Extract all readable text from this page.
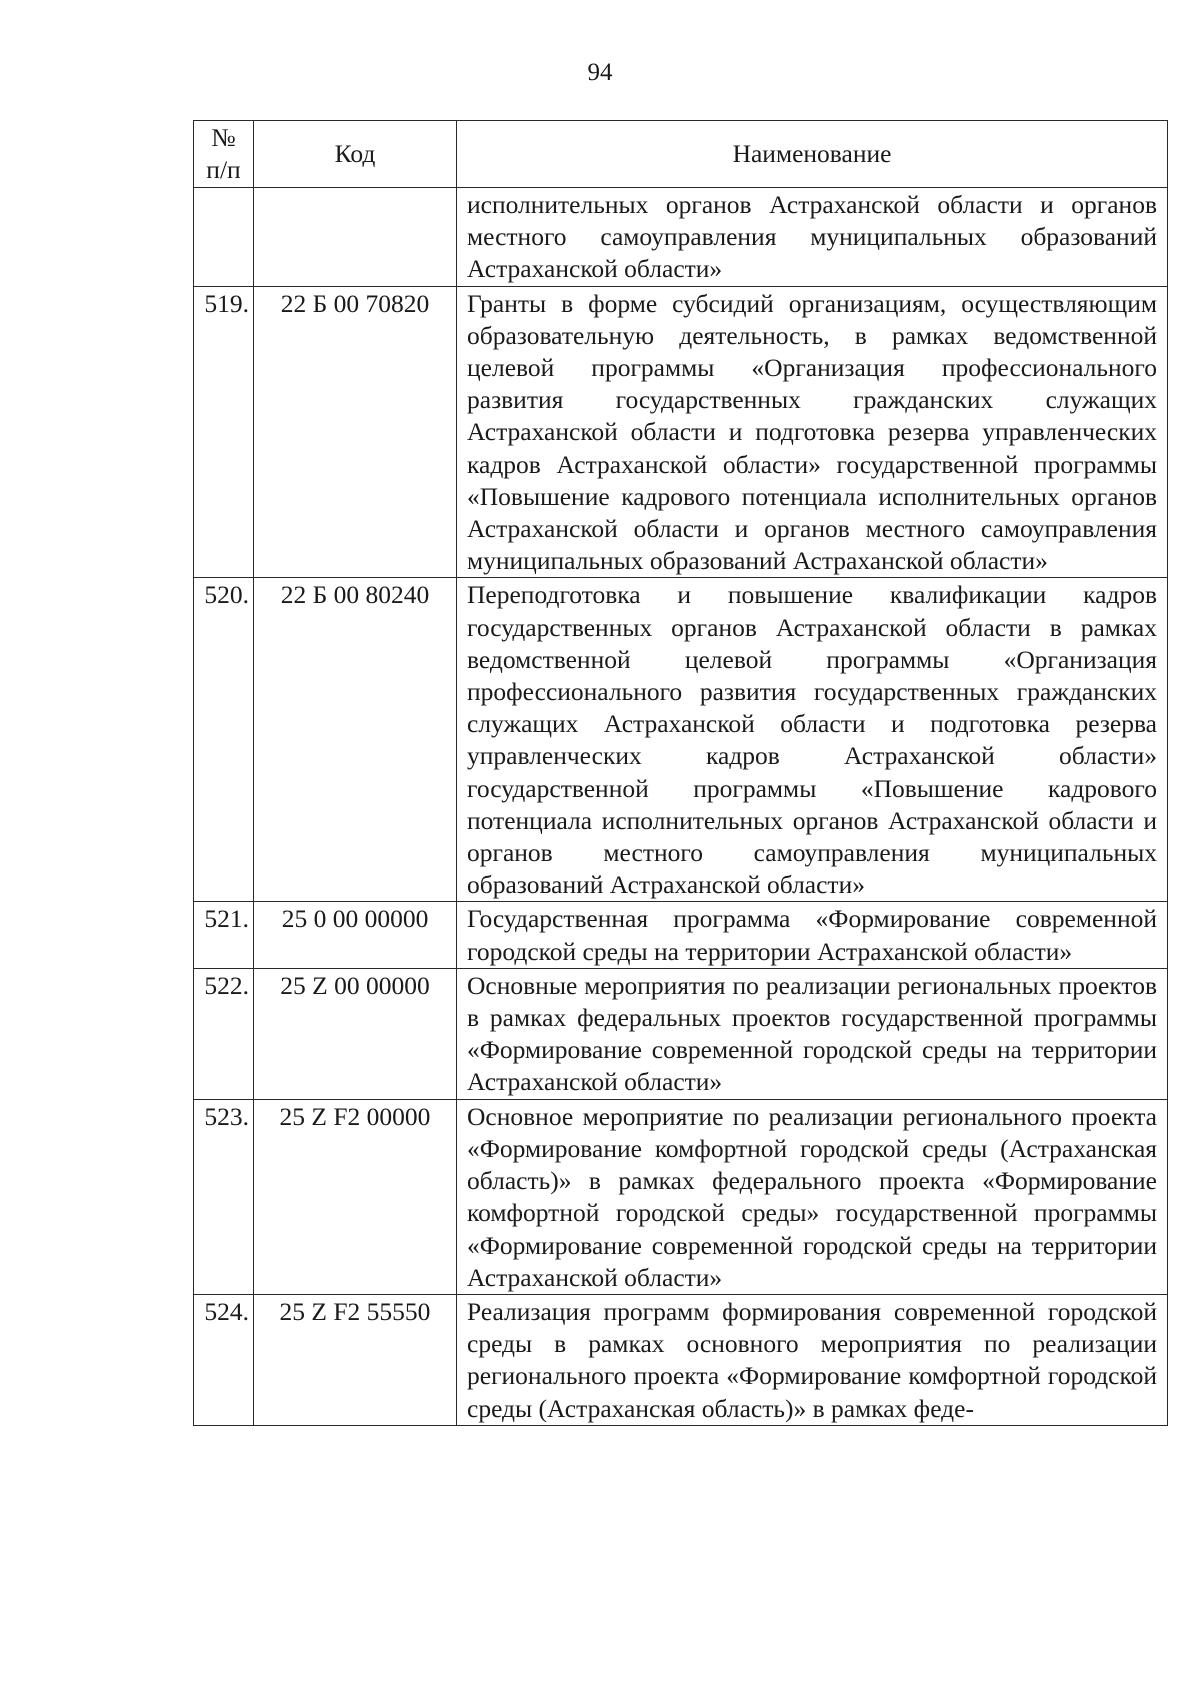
94
№
п/п	Код	Наименование

		исполнительных органов Астраханской области и органов местного самоуправления муниципальных образований Астраханской области»

519.	22 Б 00 70820	Гранты в форме субсидий организациям, осуществляющим образовательную деятельность, в рамках ведомственной целевой программы «Организация профессионального развития государственных гражданских служащих Астраханской области и подготовка резерва управленческих кадров Астраханской области» государственной программы «Повышение кадрового потенциала исполнительных органов Астраханской области и органов местного самоуправления муниципальных образований Астраханской области»

520.	22 Б 00 80240	Переподготовка и повышение квалификации кадров государственных органов Астраханской области в рамках ведомственной целевой программы «Организация профессионального развития государственных гражданских служащих Астраханской области и подготовка резерва управленческих кадров Астраханской области» государственной программы «Повышение кадрового потенциала исполнительных органов Астраханской области и органов местного самоуправления муниципальных образований Астраханской области»

521.	25 0 00 00000	Государственная программа «Формирование современной городской среды на территории Астраханской области»

522.	25 Z 00 00000	Основные мероприятия по реализации региональных проектов в рамках федеральных проектов государственной программы «Формирование современной городской среды на территории Астраханской области»

523.	25 Z F2 00000	Основное мероприятие по реализации регионального проекта «Формирование комфортной городской среды (Астраханская область)» в рамках федерального проекта «Формирование комфортной городской среды» государственной программы «Формирование современной городской среды на территории Астраханской области»

524.	25 Z F2 55550	Реализация программ формирования современной городской среды в рамках основного мероприятия по реализации регионального проекта «Формирование комфортной городской среды (Астраханская область)» в рамках феде-
